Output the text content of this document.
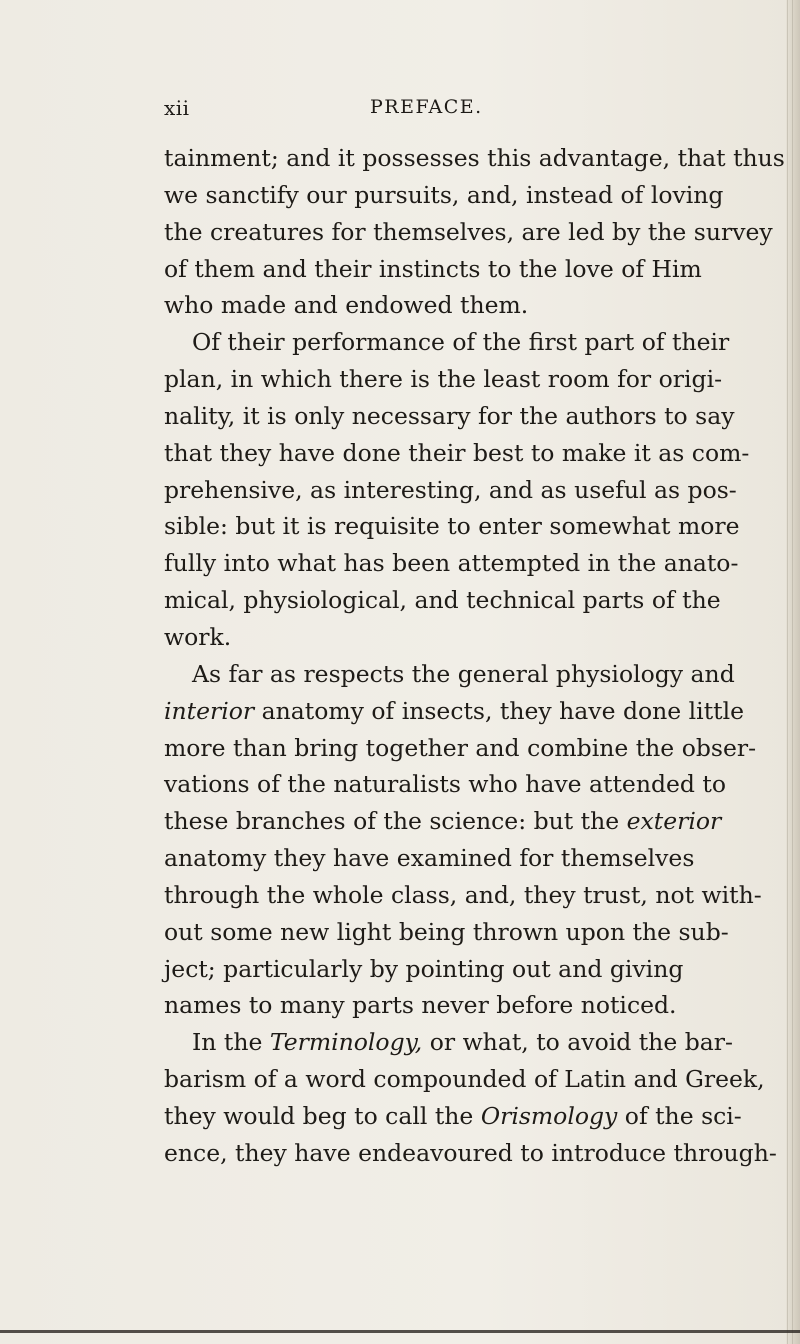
xii	PREFACE.
tainment; and it possesses this advantage, that thus
we sanctify our pursuits, and, instead of loving
the creatures for themselves, are led by the survey
of them and their instincts to the love of Him
who made and endowed them.
Of their performance of the first part of their
plan, in which there is the least room for origi-
nality, it is only necessary for the authors to say
that they have done their best to make it as com-
prehensive, as interesting, and as useful as pos-
sible: but it is requisite to enter somewhat more
fully into what has been attempted in the anato-
mical, physiological, and technical parts of the
work.
As far as respects the general physiology and
interior anatomy of insects, they have done little
more than bring together and combine the obser-
vations of the naturalists who have attended to
these branches of the science: but the exterior
anatomy they have examined for themselves
through the whole class, and, they trust, not with-
out some new light being thrown upon the sub-
ject; particularly by pointing out and giving
names to many parts never before noticed.
In the Terminology, or what, to avoid the bar-
barism of a word compounded of Latin and Greek,
they would beg to call the Orismology of the sci-
ence, they have endeavoured to introduce through-
